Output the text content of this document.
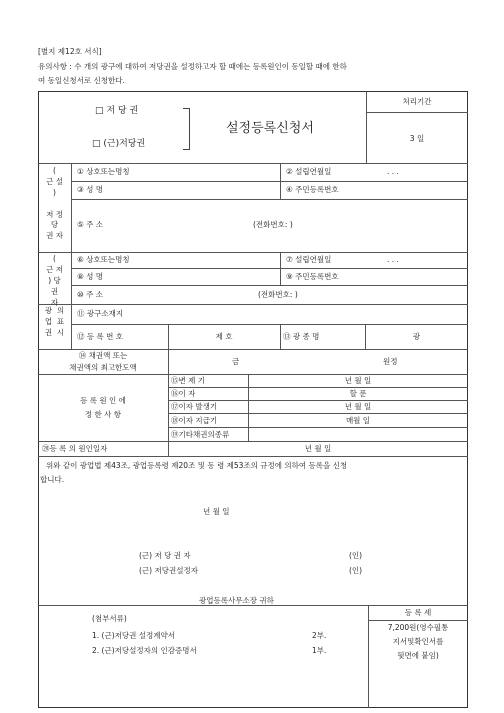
[별지 제12호 서식]
유의사항 : 수 개의 광구에 대하여 저당권을 설정하고자 할 때에는 등록원인이 동일할 때에 한하
여 동일신청서로 신청한다.
□ 저 당 권
□ (근)저당권
설정등록신청서
처리기간
3 일
(
근 설
)

저 정
당
권 자
① 상호또는명칭	② 설립연월일	. . .
③ 성 명	④ 주민등록번호
⑤ 주 소	(전화번호: )
(
근 저
) 당
권
자
⑥ 상호또는명칭	⑦ 설립연월일	. . .
⑧ 성 명	⑨ 주민등록번호
⑩ 주 소	(전화번호: )
광  의
업  표
권  시
⑪ 광구소재지
⑫ 등 록 번 호	제 호	⑬ 광 종 명	광
⑭ 채권액 또는
채권액의 최고한도액
금	원정
등 록 원 인 에
정 한 사 항
⑮변 제 기	년 월 일
⑯이 자	할 푼
⑰이자 발생기	년 월 일
⑱이자 지급기	매월 일
⑲기타채권의종류
⑳등 록 의 원인일자	년 월 일
위와 같이 광업법 제43조, 광업등록령 제20조 및 동 령 제53조의 규정에 의하여 등록을 신청
합니다.
년 월 일
(근) 저 당 권 자	(인)
(근) 저당권설정자	(인)
광업등록사무소장 귀하
(첨부서류)
1. (근)저당권 설정계약서	2부.
2. (근)저당설정자의 인감증명서	1부.
등 록 세
7,200원(영수필통
지서및확인서를
뒷면에 붙임)
